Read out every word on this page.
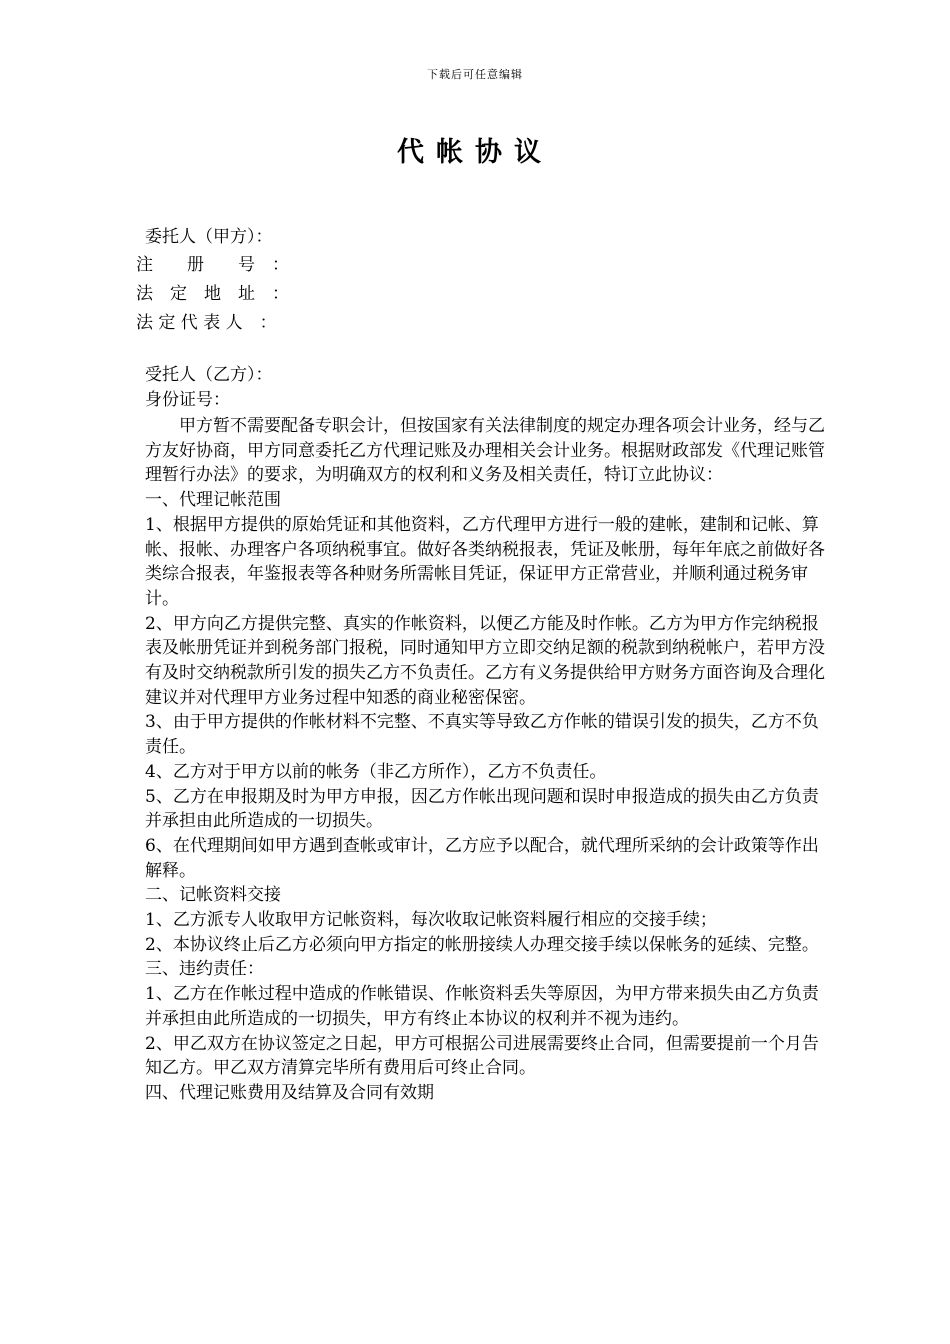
下载后可任意编辑
代帐协议
委托人（甲方）：
注　　册　　号　：
法　定　地　址　：
法 定 代 表 人　：
受托人（乙方）：
身份证号：

甲方暂不需要配备专职会计，但按国家有关法律制度的规定办理各项会计业务，经与乙方友好协商，甲方同意委托乙方代理记账及办理相关会计业务。根据财政部发《代理记账管理暂行办法》的要求，为明确双方的权利和义务及相关责任，特订立此协议：

一、代理记帐范围

1、根据甲方提供的原始凭证和其他资料，乙方代理甲方进行一般的建帐，建制和记帐、算帐、报帐、办理客户各项纳税事宜。做好各类纳税报表，凭证及帐册，每年年底之前做好各类综合报表，年鉴报表等各种财务所需帐目凭证，保证甲方正常营业，并顺利通过税务审计。

2、甲方向乙方提供完整、真实的作帐资料，以便乙方能及时作帐。乙方为甲方作完纳税报表及帐册凭证并到税务部门报税，同时通知甲方立即交纳足额的税款到纳税帐户，若甲方没有及时交纳税款所引发的损失乙方不负责任。乙方有义务提供给甲方财务方面咨询及合理化建议并对代理甲方业务过程中知悉的商业秘密保密。

3、由于甲方提供的作帐材料不完整、不真实等导致乙方作帐的错误引发的损失，乙方不负责任。

4、乙方对于甲方以前的帐务（非乙方所作），乙方不负责任。

5、乙方在申报期及时为甲方申报，因乙方作帐出现问题和误时申报造成的损失由乙方负责并承担由此所造成的一切损失。

6、在代理期间如甲方遇到查帐或审计，乙方应予以配合，就代理所采纳的会计政策等作出解释。

二、记帐资料交接

1、乙方派专人收取甲方记帐资料，每次收取记帐资料履行相应的交接手续；

2、本协议终止后乙方必须向甲方指定的帐册接续人办理交接手续以保帐务的延续、完整。

三、违约责任：

1、乙方在作帐过程中造成的作帐错误、作帐资料丢失等原因，为甲方带来损失由乙方负责并承担由此所造成的一切损失，甲方有终止本协议的权利并不视为违约。

2、甲乙双方在协议签定之日起，甲方可根据公司进展需要终止合同，但需要提前一个月告知乙方。甲乙双方清算完毕所有费用后可终止合同。

四、代理记账费用及结算及合同有效期
